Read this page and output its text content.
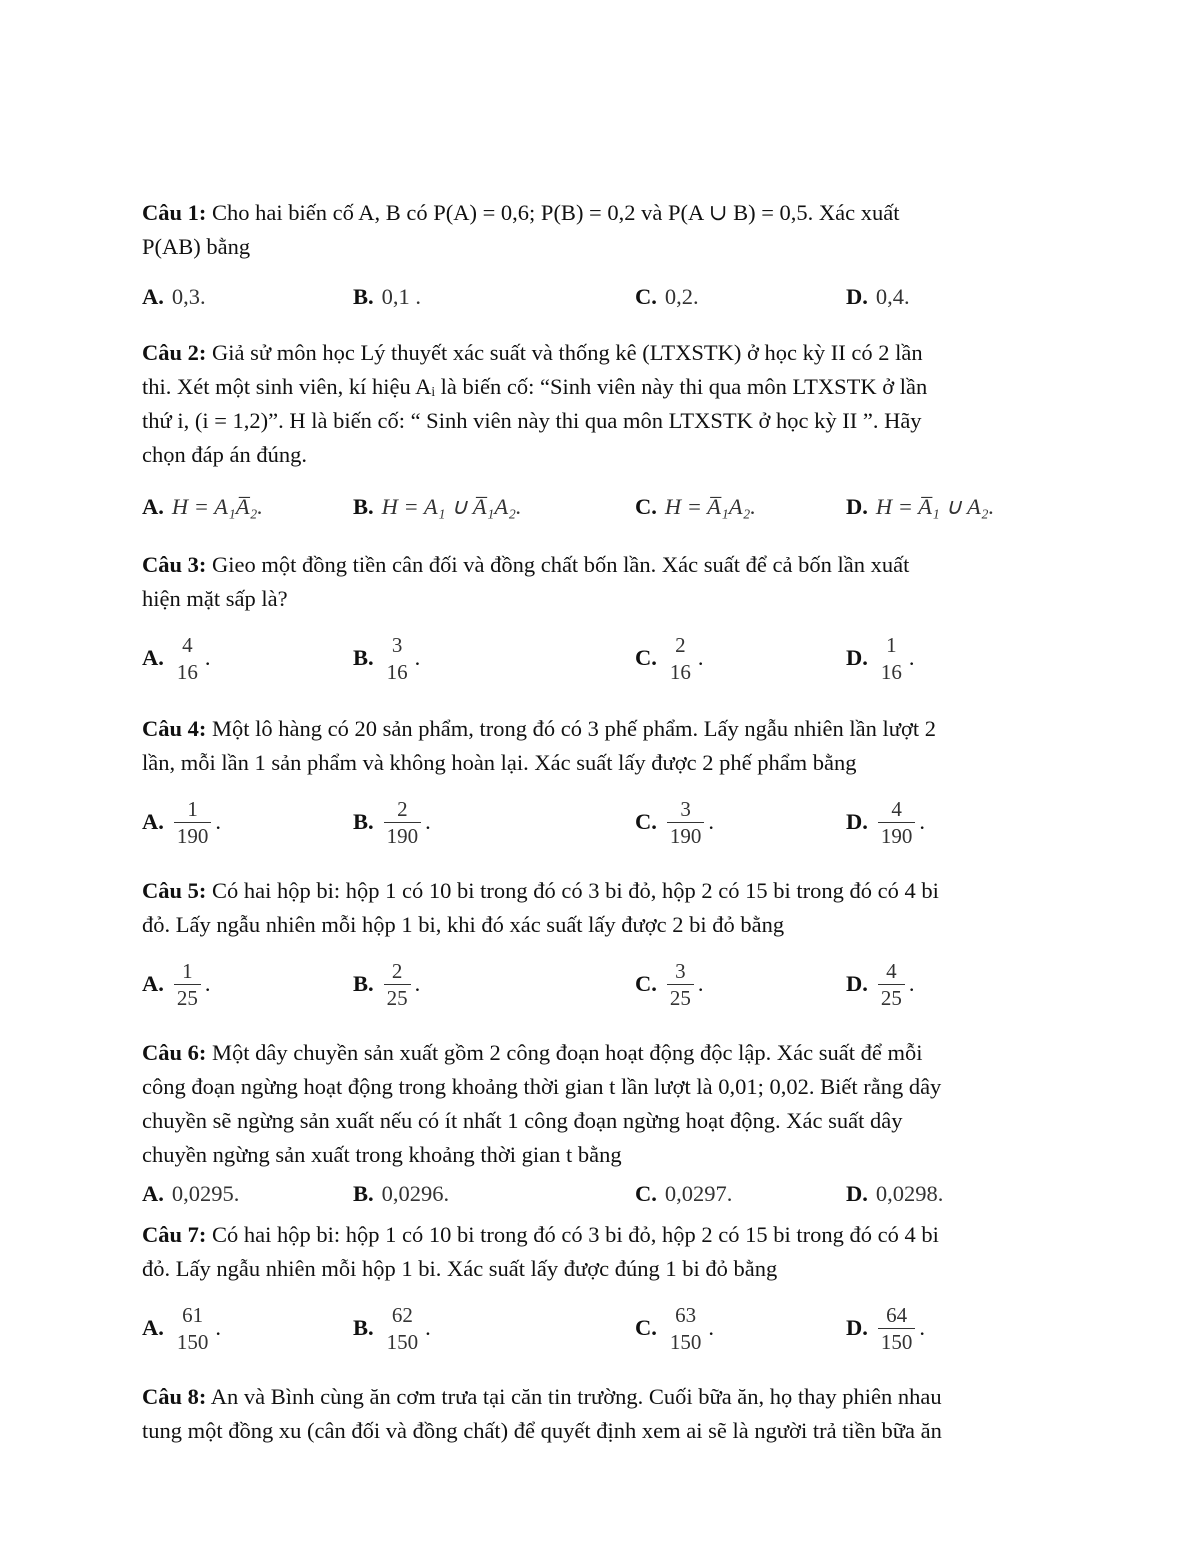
Câu 1: Cho hai biến cố A, B có P(A) = 0,6; P(B) = 0,2 và P(A ∪ B) = 0,5. Xác xuất
P(AB) bằng
A. 0,3.	B. 0,1 .	C. 0,2.	D. 0,4.
Câu 2: Giả sử môn học Lý thuyết xác suất và thống kê (LTXSTK) ở học kỳ II có 2 lần
thi. Xét một sinh viên, kí hiệu Aᵢ là biến cố: “Sinh viên này thi qua môn LTXSTK ở lần
thứ i, (i = 1,2)”. H là biến cố: “ Sinh viên này thi qua môn LTXSTK ở học kỳ II ”. Hãy
chọn đáp án đúng.
A. H = A₁A̅₂.	B. H = A₁ ∪ A̅₁A₂.	C. H = A̅₁A₂.	D. H = A̅₁ ∪ A₂.
Câu 3: Gieo một đồng tiền cân đối và đồng chất bốn lần. Xác suất để cả bốn lần xuất
hiện mặt sấp là?
A.
4
16
.	B.
3
16
.	C.
2
16
.	D.
1
16
.
Câu 4: Một lô hàng có 20 sản phẩm, trong đó có 3 phế phẩm. Lấy ngẫu nhiên lần lượt 2
lần, mỗi lần 1 sản phẩm và không hoàn lại. Xác suất lấy được 2 phế phẩm bằng
A. $\frac{1}{190}$ .	B. $\frac{2}{190}$ .	C. $\frac{3}{190}$ .	D. $\frac{4}{190}$ .
Câu 5: Có hai hộp bi: hộp 1 có 10 bi trong đó có 3 bi đỏ, hộp 2 có 15 bi trong đó có 4 bi
đỏ. Lấy ngẫu nhiên mỗi hộp 1 bi, khi đó xác suất lấy được 2 bi đỏ bằng
A. $\frac{1}{25}$ .	B. $\frac{2}{25}$ .	C. $\frac{3}{25}$ .	D. $\frac{4}{25}$ .
Câu 6: Một dây chuyền sản xuất gồm 2 công đoạn hoạt động độc lập. Xác suất để mỗi
công đoạn ngừng hoạt động trong khoảng thời gian t lần lượt là 0,01; 0,02. Biết rằng dây
chuyền sẽ ngừng sản xuất nếu có ít nhất 1 công đoạn ngừng hoạt động. Xác suất dây
chuyền ngừng sản xuất trong khoảng thời gian t bằng
A. 0,0295.	B. 0,0296.	C. 0,0297.	D. 0,0298.
Câu 7: Có hai hộp bi: hộp 1 có 10 bi trong đó có 3 bi đỏ, hộp 2 có 15 bi trong đó có 4 bi
đỏ. Lấy ngẫu nhiên mỗi hộp 1 bi. Xác suất lấy được đúng 1 bi đỏ bằng
A.
61
150
.	B.
62
150
.	C.
63
150
.	D. $\frac{64}{150}$ .
Câu 8: An và Bình cùng ăn cơm trưa tại căn tin trường. Cuối bữa ăn, họ thay phiên nhau
tung một đồng xu (cân đối và đồng chất) để quyết định xem ai sẽ là người trả tiền bữa ăn
